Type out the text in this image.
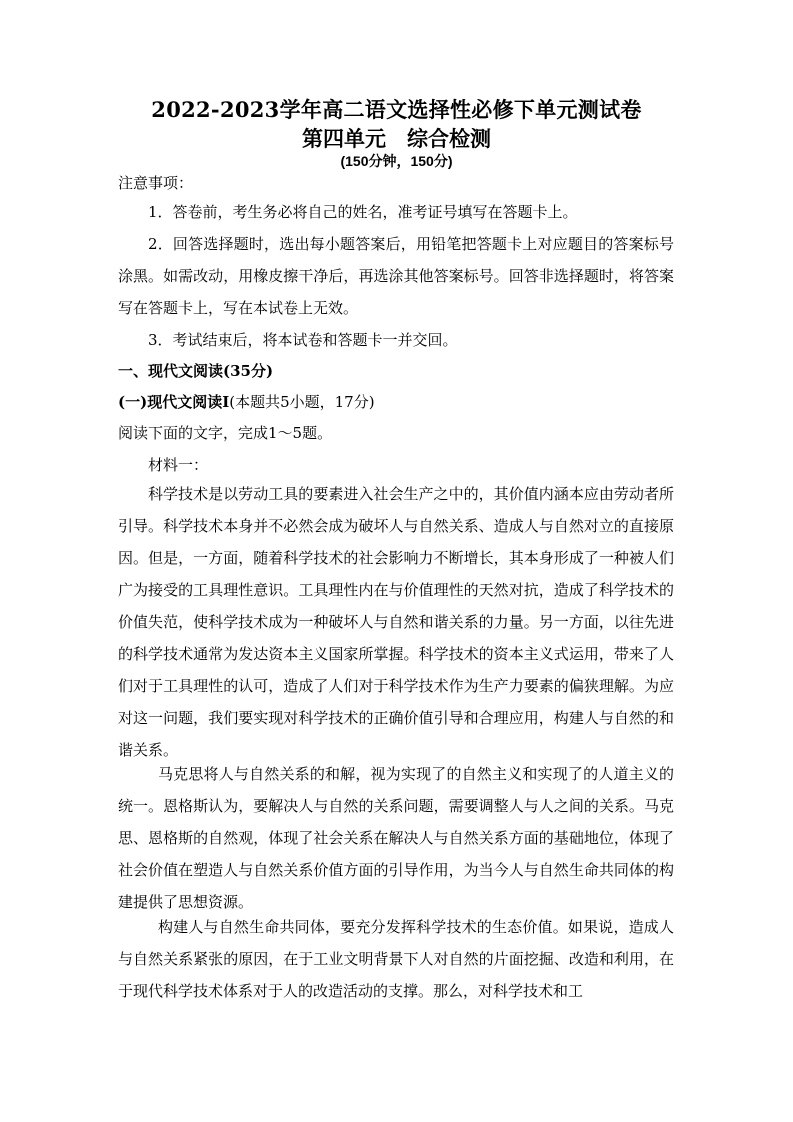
2022-2023学年高二语文选择性必修下单元测试卷
第四单元　综合检测
(150分钟，150分)
注意事项：
1．答卷前，考生务必将自己的姓名，准考证号填写在答题卡上。
2．回答选择题时，选出每小题答案后，用铅笔把答题卡上对应题目的答案标号涂黑。如需改动，用橡皮擦干净后，再选涂其他答案标号。回答非选择题时，将答案写在答题卡上，写在本试卷上无效。
3．考试结束后，将本试卷和答题卡一并交回。
一、现代文阅读(35分)
(一)现代文阅读Ⅰ(本题共5小题，17分)
阅读下面的文字，完成1～5题。
材料一：
科学技术是以劳动工具的要素进入社会生产之中的，其价值内涵本应由劳动者所引导。科学技术本身并不必然会成为破坏人与自然关系、造成人与自然对立的直接原因。但是，一方面，随着科学技术的社会影响力不断增长，其本身形成了一种被人们广为接受的工具理性意识。工具理性内在与价值理性的天然对抗，造成了科学技术的价值失范，使科学技术成为一种破坏人与自然和谐关系的力量。另一方面，以往先进的科学技术通常为发达资本主义国家所掌握。科学技术的资本主义式运用，带来了人们对于工具理性的认可，造成了人们对于科学技术作为生产力要素的偏狭理解。为应对这一问题，我们要实现对科学技术的正确价值引导和合理应用，构建人与自然的和谐关系。
马克思将人与自然关系的和解，视为实现了的自然主义和实现了的人道主义的统一。恩格斯认为，要解决人与自然的关系问题，需要调整人与人之间的关系。马克思、恩格斯的自然观，体现了社会关系在解决人与自然关系方面的基础地位，体现了社会价值在塑造人与自然关系价值方面的引导作用，为当今人与自然生命共同体的构建提供了思想资源。
构建人与自然生命共同体，要充分发挥科学技术的生态价值。如果说，造成人与自然关系紧张的原因，在于工业文明背景下人对自然的片面挖掘、改造和利用，在于现代科学技术体系对于人的改造活动的支撑。那么，对科学技术和工
